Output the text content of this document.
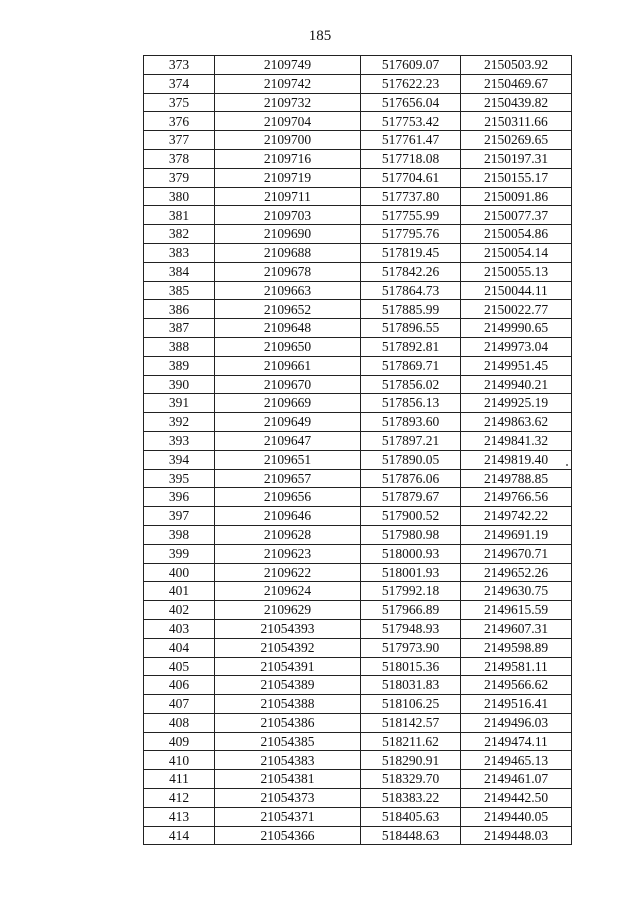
185
373	2109749	517609.07	2150503.92
374	2109742	517622.23	2150469.67
375	2109732	517656.04	2150439.82
376	2109704	517753.42	2150311.66
377	2109700	517761.47	2150269.65
378	2109716	517718.08	2150197.31
379	2109719	517704.61	2150155.17
380	2109711	517737.80	2150091.86
381	2109703	517755.99	2150077.37
382	2109690	517795.76	2150054.86
383	2109688	517819.45	2150054.14
384	2109678	517842.26	2150055.13
385	2109663	517864.73	2150044.11
386	2109652	517885.99	2150022.77
387	2109648	517896.55	2149990.65
388	2109650	517892.81	2149973.04
389	2109661	517869.71	2149951.45
390	2109670	517856.02	2149940.21
391	2109669	517856.13	2149925.19
392	2109649	517893.60	2149863.62
393	2109647	517897.21	2149841.32
394	2109651	517890.05	2149819.40
395	2109657	517876.06	2149788.85
396	2109656	517879.67	2149766.56
397	2109646	517900.52	2149742.22
398	2109628	517980.98	2149691.19
399	2109623	518000.93	2149670.71
400	2109622	518001.93	2149652.26
401	2109624	517992.18	2149630.75
402	2109629	517966.89	2149615.59
403	21054393	517948.93	2149607.31
404	21054392	517973.90	2149598.89
405	21054391	518015.36	2149581.11
406	21054389	518031.83	2149566.62
407	21054388	518106.25	2149516.41
408	21054386	518142.57	2149496.03
409	21054385	518211.62	2149474.11
410	21054383	518290.91	2149465.13
411	21054381	518329.70	2149461.07
412	21054373	518383.22	2149442.50
413	21054371	518405.63	2149440.05
414	21054366	518448.63	2149448.03
